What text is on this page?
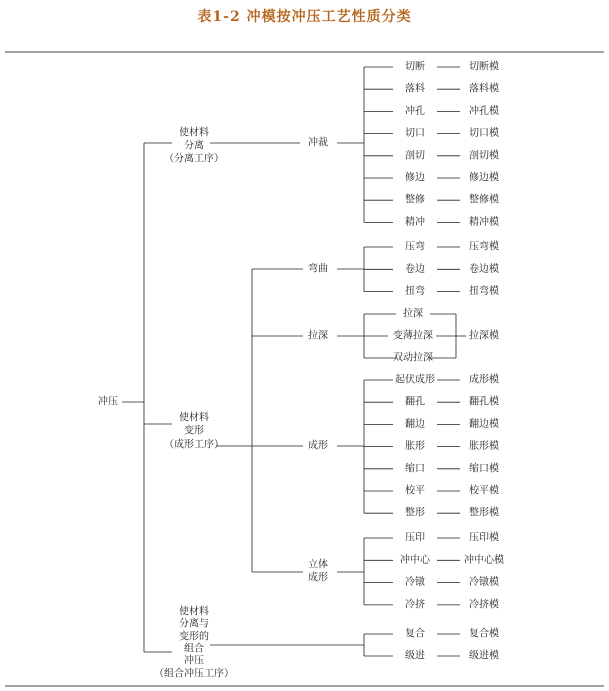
表1-2 冲模按冲压工艺性质分类
冲压
使材料
分离
（分离工序）
冲裁
切断	切断模
落料	落料模
冲孔	冲孔模
切口	切口模
剖切	剖切模
修边	修边模
整修	整修模
精冲	精冲模
使材料
变形
（成形工序）
弯曲
压弯	压弯模
卷边	卷边模
扭弯	扭弯模
拉深
拉深
变薄拉深
双动拉深
拉深模
成形
起伏成形	成形模
翻孔	翻孔模
翻边	翻边模
胀形	胀形模
缩口	缩口模
校平	校平模
整形	整形模
立体
成形
压印	压印模
冲中心	冲中心模
冷镦	冷镦模
冷挤	冷挤模
使材料
分离与
变形的
组合
冲压
（组合冲压工序）
复合	复合模
级进	级进模
